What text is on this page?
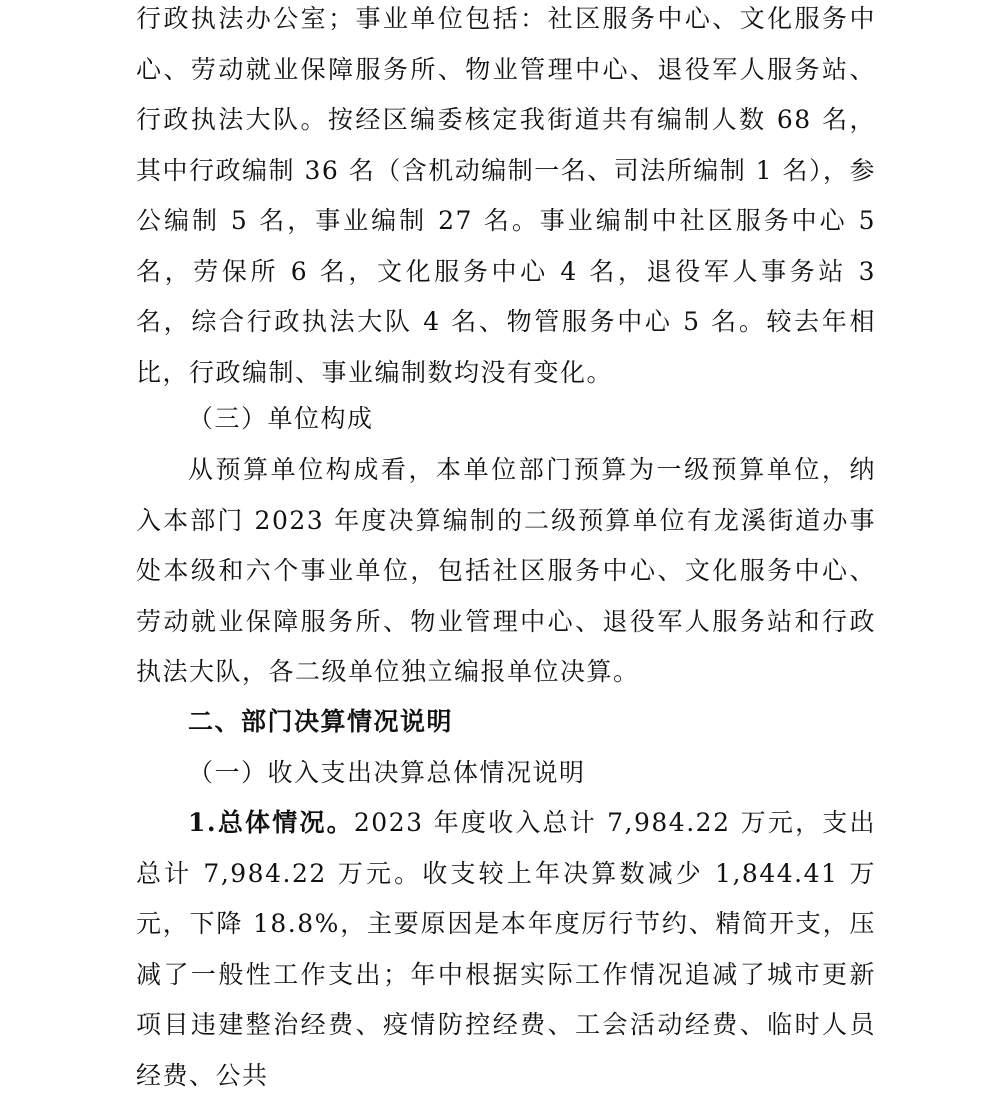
行政执法办公室；事业单位包括：社区服务中心、文化服务中心、劳动就业保障服务所、物业管理中心、退役军人服务站、行政执法大队。按经区编委核定我街道共有编制人数 68 名，其中行政编制 36 名（含机动编制一名、司法所编制 1 名），参公编制 5 名，事业编制 27 名。事业编制中社区服务中心 5 名，劳保所 6 名，文化服务中心 4 名，退役军人事务站 3 名，综合行政执法大队 4 名、物管服务中心 5 名。较去年相比，行政编制、事业编制数均没有变化。

（三）单位构成

从预算单位构成看，本单位部门预算为一级预算单位，纳入本部门 2023 年度决算编制的二级预算单位有龙溪街道办事处本级和六个事业单位，包括社区服务中心、文化服务中心、劳动就业保障服务所、物业管理中心、退役军人服务站和行政执法大队，各二级单位独立编报单位决算。

二、部门决算情况说明

（一）收入支出决算总体情况说明

1.总体情况。2023 年度收入总计 7,984.22 万元，支出总计 7,984.22 万元。收支较上年决算数减少 1,844.41 万元，下降 18.8%，主要原因是本年度厉行节约、精简开支，压减了一般性工作支出；年中根据实际工作情况追减了城市更新项目违建整治经费、疫情防控经费、工会活动经费、临时人员经费、公共
